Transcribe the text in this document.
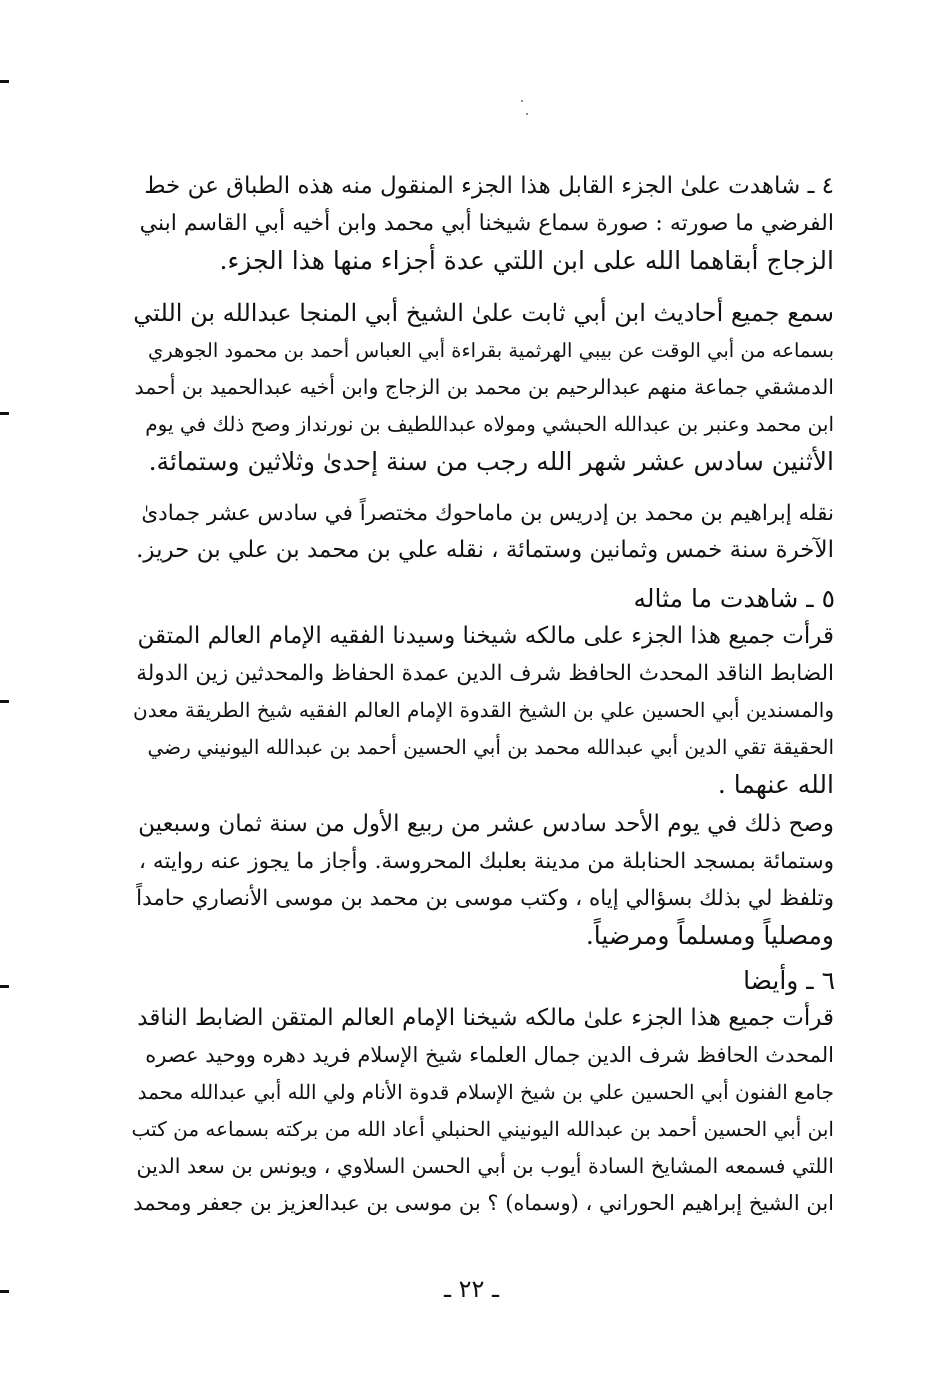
٤ ـ شاهدت علىٰ الجزء القابل هذا الجزء المنقول منه هذه الطباق عن خط
الفرضي ما صورته : صورة سماع شيخنا أبي محمد وابن أخيه أبي القاسم ابني
الزجاج أبقاهما الله على ابن اللتي عدة أجزاء منها هذا الجزء.
سمع جميع أحاديث ابن أبي ثابت علىٰ الشيخ أبي المنجا عبدالله بن اللتي
بسماعه من أبي الوقت عن بيبي الهرثمية بقراءة أبي العباس أحمد بن محمود الجوهري
الدمشقي جماعة منهم عبدالرحيم بن محمد بن الزجاج وابن أخيه عبدالحميد بن أحمد
ابن محمد وعنبر بن عبدالله الحبشي ومولاه عبداللطيف بن نورنداز وصح ذلك في يوم
الأثنين سادس عشر شهر الله رجب من سنة إحدىٰ وثلاثين وستمائة.
نقله إبراهيم بن محمد بن إدريس بن ماماحوك مختصراً في سادس عشر جمادىٰ
الآخرة سنة خمس وثمانين وستمائة ، نقله علي بن محمد بن علي بن حريز.
٥ ـ شاهدت ما مثاله
قرأت جميع هذا الجزء على مالكه شيخنا وسيدنا الفقيه الإمام العالم المتقن
الضابط الناقد المحدث الحافظ شرف الدين عمدة الحفاظ والمحدثين زين الدولة
والمسندين أبي الحسين علي بن الشيخ القدوة الإمام العالم الفقيه شيخ الطريقة معدن
الحقيقة تقي الدين أبي عبدالله محمد بن أبي الحسين أحمد بن عبدالله اليونيني رضي
الله عنهما .
وصح ذلك في يوم الأحد سادس عشر من ربيع الأول من سنة ثمان وسبعين
وستمائة بمسجد الحنابلة من مدينة بعلبك المحروسة. وأجاز ما يجوز عنه روايته ،
وتلفظ لي بذلك بسؤالي إياه ، وكتب موسى بن محمد بن موسى الأنصاري حامداً
ومصلياً ومسلماً ومرضياً.
٦ ـ وأيضا
قرأت جميع هذا الجزء علىٰ مالكه شيخنا الإمام العالم المتقن الضابط الناقد
المحدث الحافظ شرف الدين جمال العلماء شيخ الإسلام فريد دهره ووحيد عصره
جامع الفنون أبي الحسين علي بن شيخ الإسلام قدوة الأنام ولي الله أبي عبدالله محمد
ابن أبي الحسين أحمد بن عبدالله اليونيني الحنبلي أعاد الله من بركته بسماعه من كتب
اللتي فسمعه المشايخ السادة أيوب بن أبي الحسن السلاوي ، ويونس بن سعد الدين
ابن الشيخ إبراهيم الحوراني ، (وسماه) ؟ بن موسى بن عبدالعزيز بن جعفر ومحمد
ـ ٢٢ ـ
